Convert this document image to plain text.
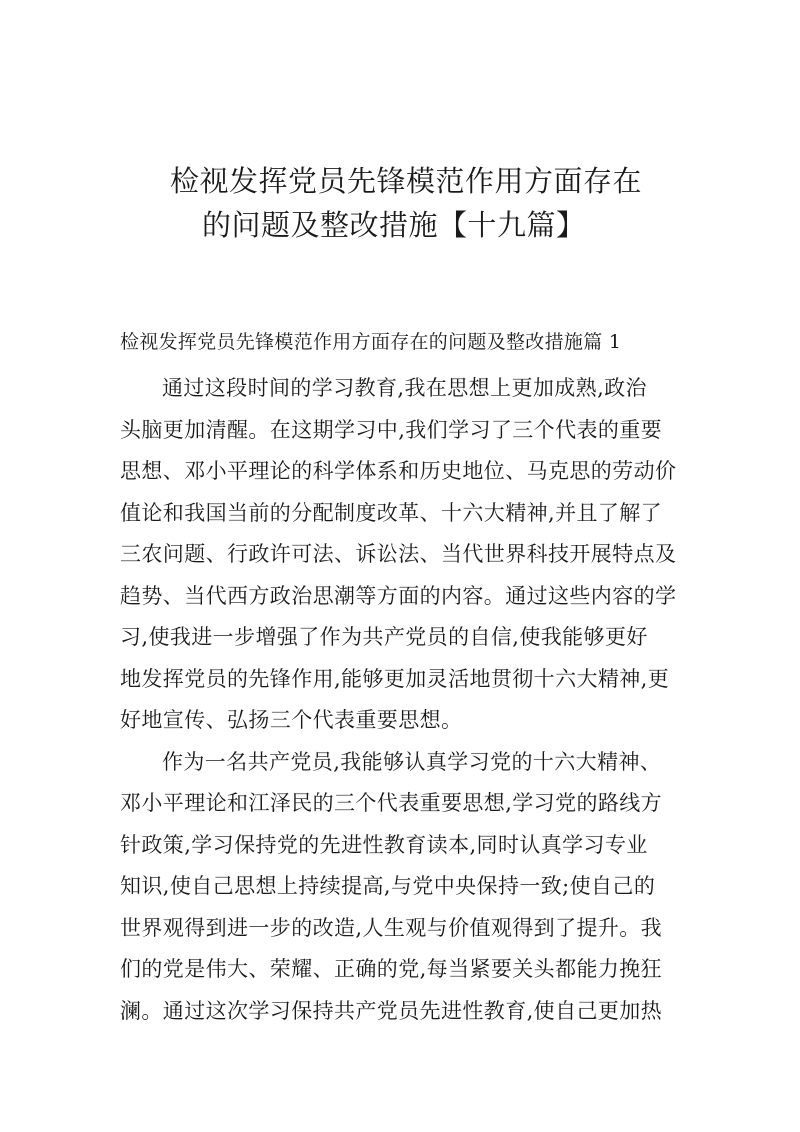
检视发挥党员先锋模范作用方面存在
的问题及整改措施【十九篇】
检视发挥党员先锋模范作用方面存在的问题及整改措施篇 1
通过这段时间的学习教育,我在思想上更加成熟,政治
头脑更加清醒。在这期学习中,我们学习了三个代表的重要
思想、邓小平理论的科学体系和历史地位、马克思的劳动价
值论和我国当前的分配制度改革、十六大精神,并且了解了
三农问题、行政许可法、诉讼法、当代世界科技开展特点及
趋势、当代西方政治思潮等方面的内容。通过这些内容的学
习,使我进一步增强了作为共产党员的自信,使我能够更好
地发挥党员的先锋作用,能够更加灵活地贯彻十六大精神,更
好地宣传、弘扬三个代表重要思想。
作为一名共产党员,我能够认真学习党的十六大精神、
邓小平理论和江泽民的三个代表重要思想,学习党的路线方
针政策,学习保持党的先进性教育读本,同时认真学习专业
知识,使自己思想上持续提高,与党中央保持一致;使自己的
世界观得到进一步的改造,人生观与价值观得到了提升。我
们的党是伟大、荣耀、正确的党,每当紧要关头都能力挽狂
澜。通过这次学习保持共产党员先进性教育,使自己更加热
